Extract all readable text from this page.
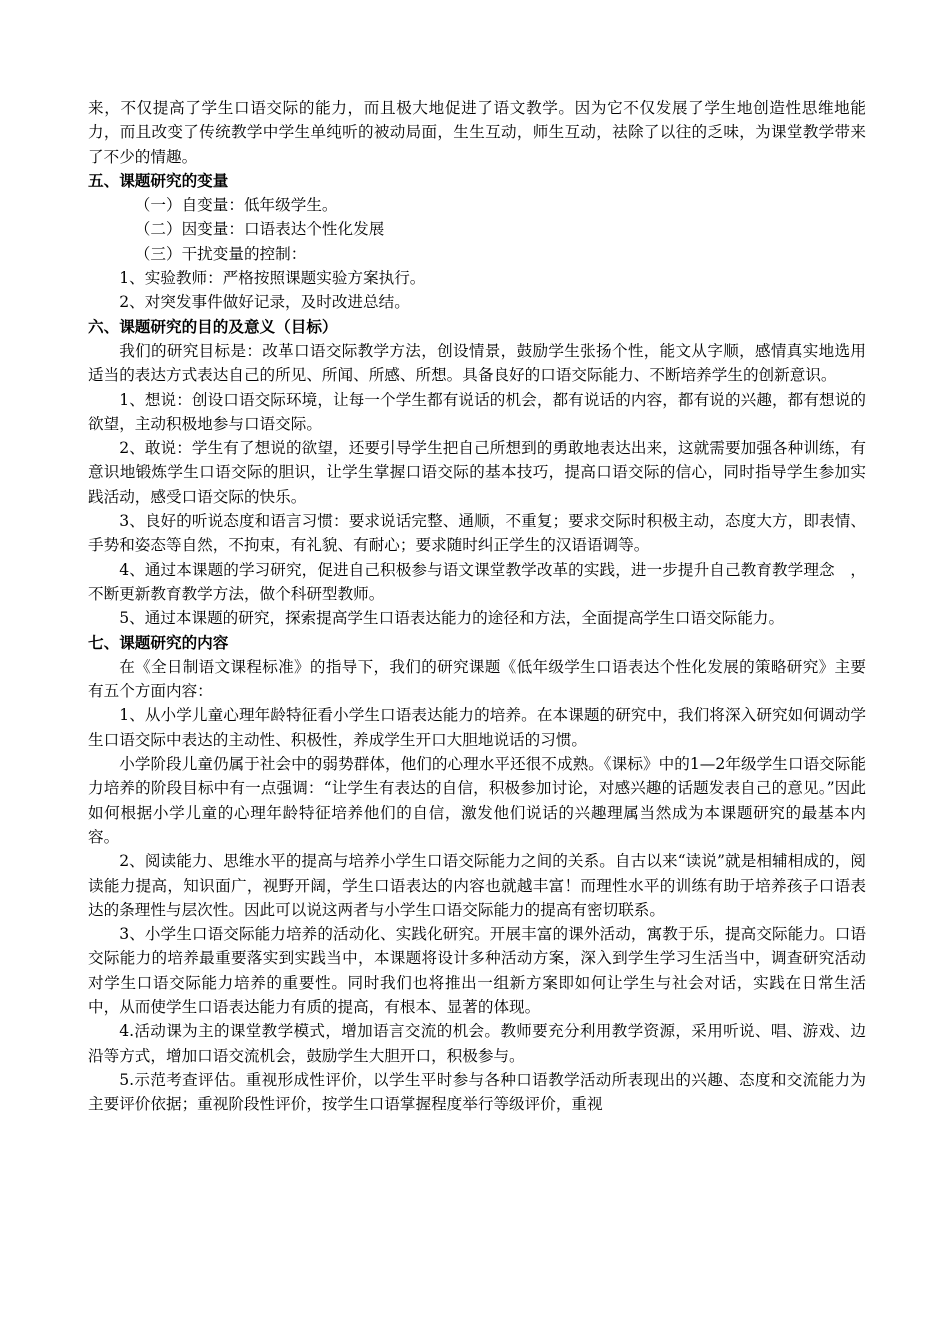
来，不仅提高了学生口语交际的能力，而且极大地促进了语文教学。因为它不仅发展了学生地创造性思维地能力，而且改变了传统教学中学生单纯听的被动局面，生生互动，师生互动，祛除了以往的乏味，为课堂教学带来了不少的情趣。

五、课题研究的变量

（一）自变量：低年级学生。

（二）因变量：口语表达个性化发展

（三）干扰变量的控制：

1、实验教师：严格按照课题实验方案执行。

2、对突发事件做好记录，及时改进总结。

六、课题研究的目的及意义（目标）

我们的研究目标是：改革口语交际教学方法，创设情景，鼓励学生张扬个性，能文从字顺，感情真实地选用适当的表达方式表达自己的所见、所闻、所感、所想。具备良好的口语交际能力、不断培养学生的创新意识。

1、想说：创设口语交际环境，让每一个学生都有说话的机会，都有说话的内容，都有说的兴趣，都有想说的欲望，主动积极地参与口语交际。

2、敢说：学生有了想说的欲望，还要引导学生把自己所想到的勇敢地表达出来，这就需要加强各种训练，有意识地锻炼学生口语交际的胆识，让学生掌握口语交际的基本技巧，提高口语交际的信心，同时指导学生参加实践活动，感受口语交际的快乐。

3、良好的听说态度和语言习惯：要求说话完整、通顺，不重复；要求交际时积极主动，态度大方，即表情、手势和姿态等自然，不拘束，有礼貌、有耐心；要求随时纠正学生的汉语语调等。

4、通过本课题的学习研究，促进自己积极参与语文课堂教学改革的实践，进一步提升自己教育教学理念　，不断更新教育教学方法，做个科研型教师。

5、通过本课题的研究，探索提高学生口语表达能力的途径和方法，全面提高学生口语交际能力。

七、课题研究的内容

在《全日制语文课程标准》的指导下，我们的研究课题《低年级学生口语表达个性化发展的策略研究》主要有五个方面内容：

1、从小学儿童心理年龄特征看小学生口语表达能力的培养。在本课题的研究中，我们将深入研究如何调动学生口语交际中表达的主动性、积极性，养成学生开口大胆地说话的习惯。

小学阶段儿童仍属于社会中的弱势群体，他们的心理水平还很不成熟。《课标》中的1—2年级学生口语交际能力培养的阶段目标中有一点强调：“让学生有表达的自信，积极参加讨论，对感兴趣的话题发表自己的意见。”因此如何根据小学儿童的心理年龄特征培养他们的自信，激发他们说话的兴趣理属当然成为本课题研究的最基本内容。

2、阅读能力、思维水平的提高与培养小学生口语交际能力之间的关系。自古以来“读说”就是相辅相成的，阅读能力提高，知识面广，视野开阔，学生口语表达的内容也就越丰富！而理性水平的训练有助于培养孩子口语表达的条理性与层次性。因此可以说这两者与小学生口语交际能力的提高有密切联系。

3、小学生口语交际能力培养的活动化、实践化研究。开展丰富的课外活动，寓教于乐，提高交际能力。口语交际能力的培养最重要落实到实践当中，本课题将设计多种活动方案，深入到学生学习生活当中，调查研究活动对学生口语交际能力培养的重要性。同时我们也将推出一组新方案即如何让学生与社会对话，实践在日常生活中，从而使学生口语表达能力有质的提高，有根本、显著的体现。

4.活动课为主的课堂教学模式，增加语言交流的机会。教师要充分利用教学资源，采用听说、唱、游戏、边沿等方式，增加口语交流机会，鼓励学生大胆开口，积极参与。

5.示范考查评估。重视形成性评价，以学生平时参与各种口语教学活动所表现出的兴趣、态度和交流能力为主要评价依据；重视阶段性评价，按学生口语掌握程度举行等级评价，重视
